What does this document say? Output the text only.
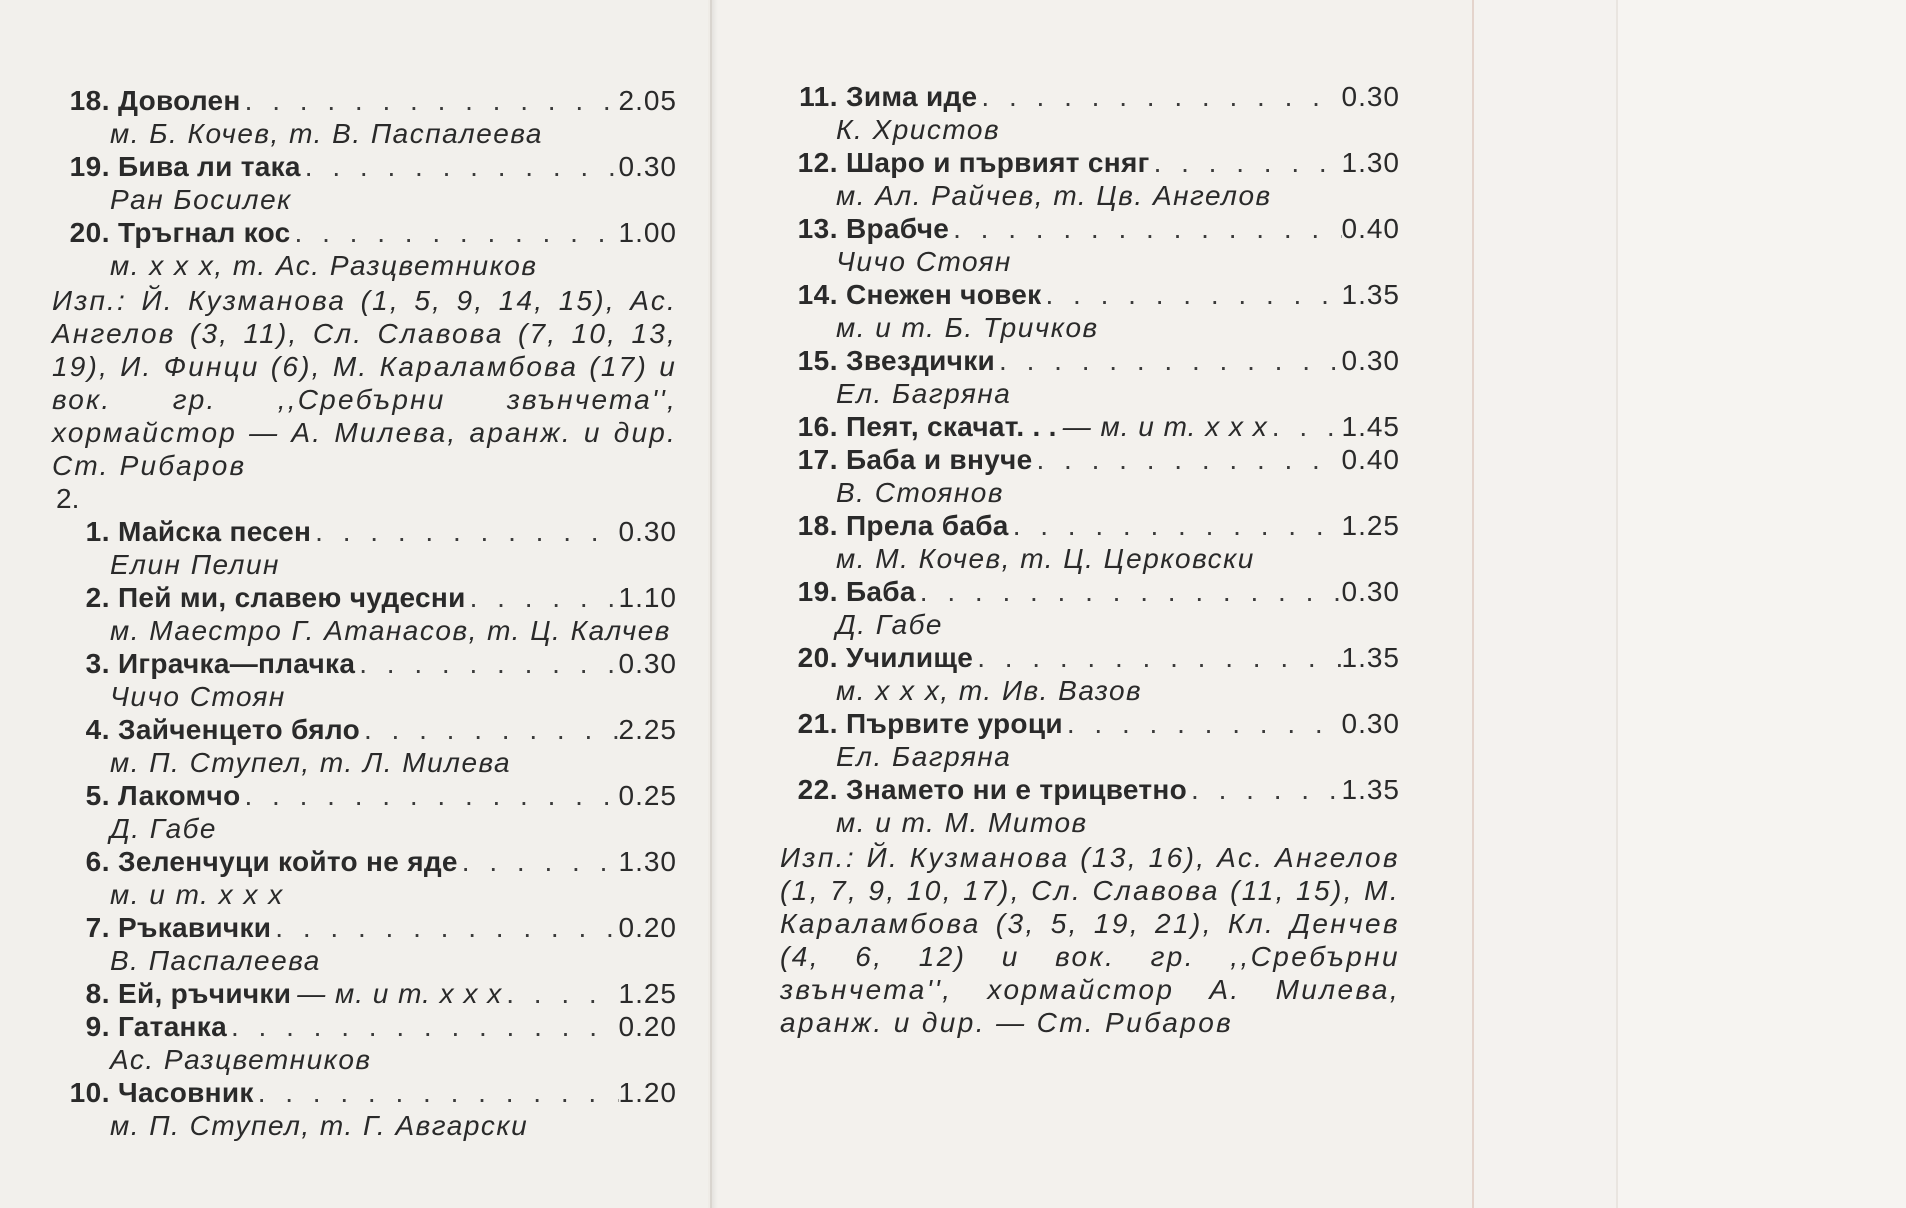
18. Доволен . . .	2.05
м. Б. Кочев, т. В. Паспалеева
19. Бива ли така . . .	0.30
Ран Босилек
20. Тръгнал кос . . .	1.00
м. х х х, т. Ас. Разцветников
Изп.: Й. Кузманова (1, 5, 9, 14, 15), Ас. Ангелов (3, 11), Сл. Славова (7, 10, 13, 19), И. Финци (6), М. Караламбова (17) и вок. гр. ,,Сребърни звънчета'', хормайстор — А. Милева, аранж. и дир. Ст. Рибаров
2.
1. Майска песен . . .	0.30
Елин Пелин
2. Пей ми, славею чудесни . . .	1.10
м. Маестро Г. Атанасов, т. Ц. Калчев
3. Играчка—плачка . . .	0.30
Чичо Стоян
4. Зайченцето бяло . . .	2.25
м. П. Ступел, т. Л. Милева
5. Лакомчо . . .	0.25
Д. Габе
6. Зеленчуци който не яде . . .	1.30
м. и т. х х х
7. Ръкавички . . .	0.20
В. Паспалеева
8. Ей, ръчички — м. и т. х х х . . .	1.25
9. Гатанка . . .	0.20
Ас. Разцветников
10. Часовник . . .	1.20
м. П. Ступел, т. Г. Авгарски
11. Зима иде . . .	0.30
К. Христов
12. Шаро и първият сняг . . .	1.30
м. Ал. Райчев, т. Цв. Ангелов
13. Врабче . . .	0.40
Чичо Стоян
14. Снежен човек . . .	1.35
м. и т. Б. Тричков
15. Звездички . . .	0.30
Ел. Багряна
16. Пеят, скачат. . . — м. и т. х х х . . .	1.45
17. Баба и внуче . . .	0.40
В. Стоянов
18. Прела баба . . .	1.25
м. М. Кочев, т. Ц. Церковски
19. Баба . . .	0.30
Д. Габе
20. Училище . . .	1.35
м. х х х, т. Ив. Вазов
21. Първите уроци . . .	0.30
Ел. Багряна
22. Знамето ни е трицветно . . .	1.35
м. и т. М. Митов
Изп.: Й. Кузманова (13, 16), Ас. Ангелов (1, 7, 9, 10, 17), Сл. Славова (11, 15), М. Караламбова (3, 5, 19, 21), Кл. Денчев (4, 6, 12) и вок. гр. ,,Сребърни звънчета'', хормайстор А. Милева, аранж. и дир. — Ст. Рибаров
